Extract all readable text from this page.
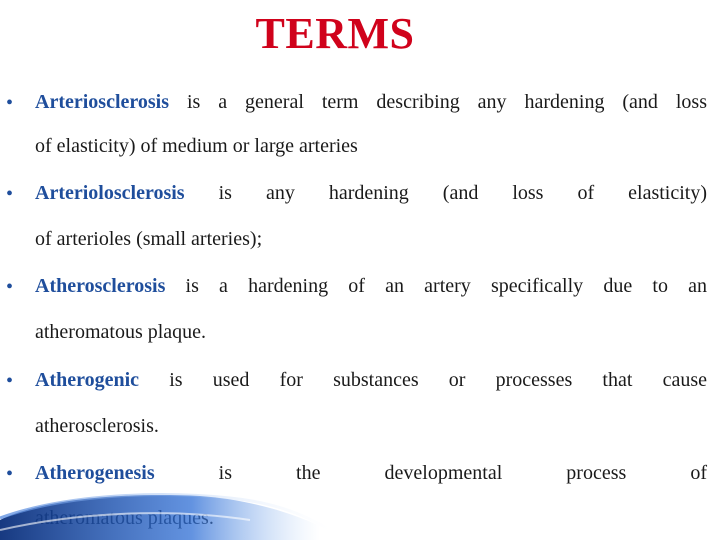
TERMS
• Arteriosclerosis is a general term describing any hardening (and loss
of elasticity) of medium or large arteries
• Arteriolosclerosis is any hardening (and loss of elasticity)
of arterioles (small arteries);
• Atherosclerosis is a hardening of an artery specifically due to an
atheromatous plaque.
• Atherogenic is used for substances or processes that cause
atherosclerosis.
• Atherogenesis is the developmental process of
